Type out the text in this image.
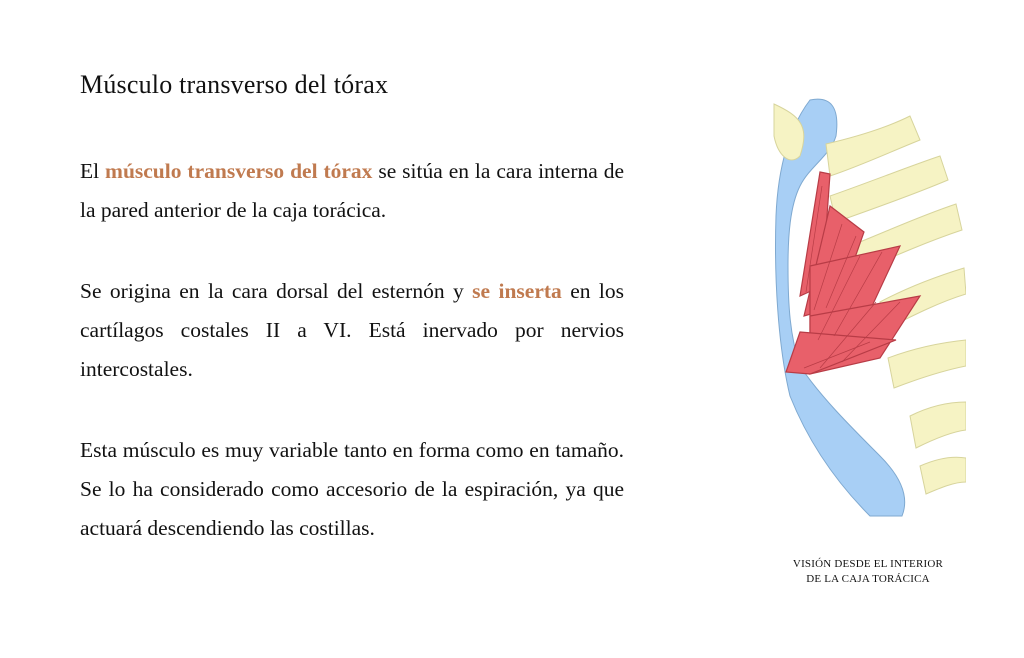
Músculo transverso del tórax

El músculo transverso del tórax se sitúa en la cara interna de la pared anterior de la caja torácica.

Se origina en la cara dorsal del esternón y se inserta en los cartílagos costales II a VI. Está inervado por nervios intercostales.

Esta músculo es muy variable tanto en forma como en tamaño. Se lo ha considerado como accesorio de la espiración, ya que actuará descendiendo las costillas.

VISIÓN DESDE EL INTERIOR
DE LA CAJA TORÁCICA
